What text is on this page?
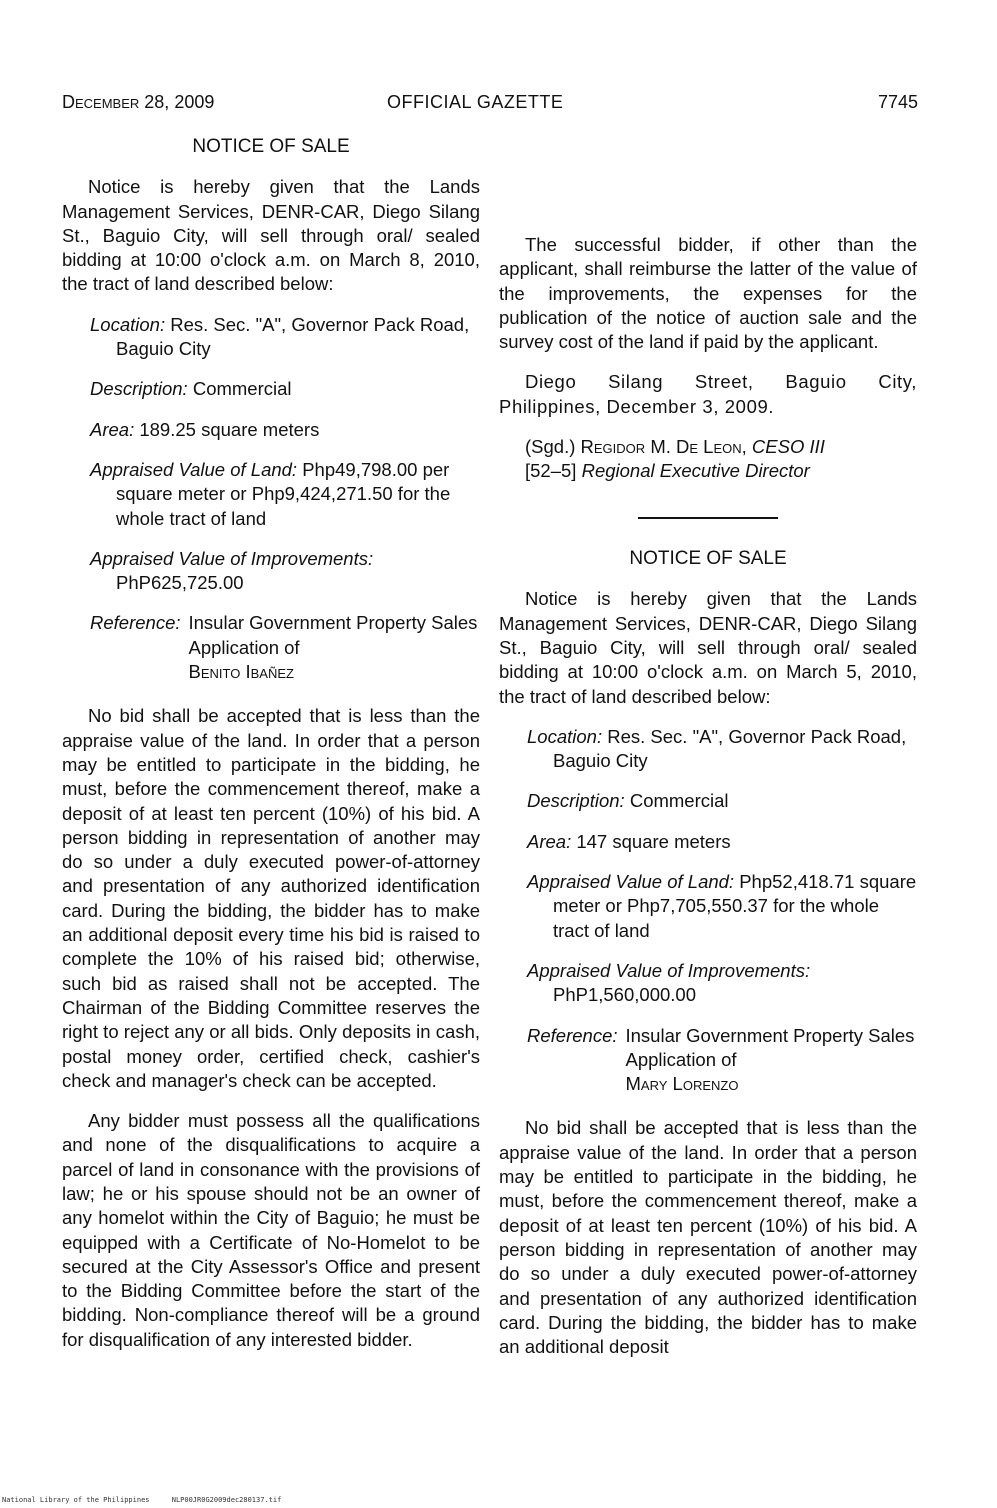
December 28, 2009	OFFICIAL GAZETTE	7745
NOTICE OF SALE

Notice is hereby given that the Lands Management Services, DENR-CAR, Diego Silang St., Baguio City, will sell through oral/ sealed bidding at 10:00 o'clock a.m. on March 8, 2010, the tract of land described below:

Location: Res. Sec. "A", Governor Pack Road, Baguio City
Description: Commercial
Area: 189.25 square meters
Appraised Value of Land: Php49,798.00 per square meter or Php9,424,271.50 for the whole tract of land
Appraised Value of Improvements:
PhP625,725.00
Reference: Insular Government Property Sales Application of
Benito Ibañez

No bid shall be accepted that is less than the appraise value of the land. In order that a person may be entitled to participate in the bidding, he must, before the commencement thereof, make a deposit of at least ten percent (10%) of his bid. A person bidding in representation of another may do so under a duly executed power-of-attorney and presentation of any authorized identification card. During the bidding, the bidder has to make an additional deposit every time his bid is raised to complete the 10% of his raised bid; otherwise, such bid as raised shall not be accepted. The Chairman of the Bidding Committee reserves the right to reject any or all bids. Only deposits in cash, postal money order, certified check, cashier's check and manager's check can be accepted.

Any bidder must possess all the qualifications and none of the disqualifications to acquire a parcel of land in consonance with the provisions of law; he or his spouse should not be an owner of any homelot within the City of Baguio; he must be equipped with a Certificate of No-Homelot to be secured at the City Assessor's Office and present to the Bidding Committee before the start of the bidding. Non-compliance thereof will be a ground for disqualification of any interested bidder.

The successful bidder, if other than the applicant, shall reimburse the latter of the value of the improvements, the expenses for the publication of the notice of auction sale and the survey cost of the land if paid by the applicant.

Diego Silang Street, Baguio City, Philippines, December 3, 2009.

(Sgd.) Regidor M. De Leon, CESO III
[52–5] Regional Executive Director
NOTICE OF SALE

Notice is hereby given that the Lands Management Services, DENR-CAR, Diego Silang St., Baguio City, will sell through oral/ sealed bidding at 10:00 o'clock a.m. on March 5, 2010, the tract of land described below:

Location: Res. Sec. "A", Governor Pack Road, Baguio City
Description: Commercial
Area: 147 square meters
Appraised Value of Land: Php52,418.71 square meter or Php7,705,550.37 for the whole tract of land
Appraised Value of Improvements:
PhP1,560,000.00
Reference: Insular Government Property Sales Application of
Mary Lorenzo

No bid shall be accepted that is less than the appraise value of the land. In order that a person may be entitled to participate in the bidding, he must, before the commencement thereof, make a deposit of at least ten percent (10%) of his bid. A person bidding in representation of another may do so under a duly executed power-of-attorney and presentation of any authorized identification card. During the bidding, the bidder has to make an additional deposit

National Library of the Philippines	NLP00JR0G2009dec280137.tif
